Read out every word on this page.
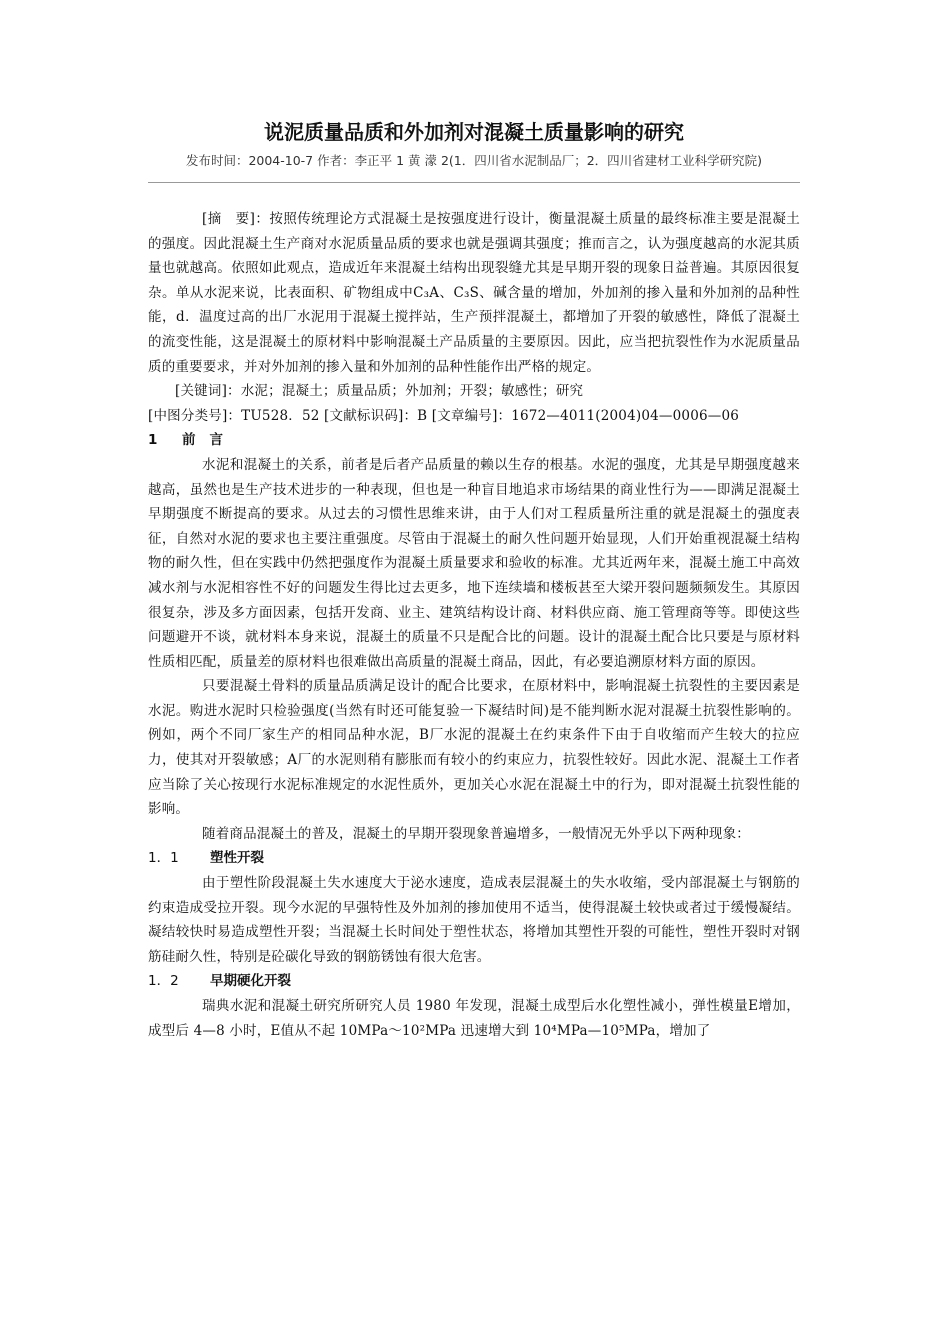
说泥质量品质和外加剂对混凝土质量影响的研究
发布时间：2004-10-7 作者：李正平 1 黄 濛 2(1．四川省水泥制品厂；2．四川省建材工业科学研究院)

[摘　要]：按照传统理论方式混凝土是按强度进行设计，衡量混凝土质量的最终标准主要是混凝土的强度。因此混凝土生产商对水泥质量品质的要求也就是强调其强度；推而言之，认为强度越高的水泥其质量也就越高。依照如此观点，造成近年来混凝土结构出现裂缝尤其是早期开裂的现象日益普遍。其原因很复杂。单从水泥来说，比表面积、矿物组成中C₃A、C₃S、碱含量的增加，外加剂的掺入量和外加剂的品种性能，d．温度过高的出厂水泥用于混凝土搅拌站，生产预拌混凝土，都增加了开裂的敏感性，降低了混凝土的流变性能，这是混凝土的原材料中影响混凝土产品质量的主要原因。因此，应当把抗裂性作为水泥质量品质的重要要求，并对外加剂的掺入量和外加剂的品种性能作出严格的规定。

[关键词]：水泥；混凝土；质量品质；外加剂；开裂；敏感性；研究

[中图分类号]：TU528．52 [文献标识码]：B [文章编号]：1672—4011(2004)04—0006—06

1 前言

水泥和混凝土的关系，前者是后者产品质量的赖以生存的根基。水泥的强度，尤其是早期强度越来越高，虽然也是生产技术进步的一种表现，但也是一种盲目地追求市场结果的商业性行为——即满足混凝土早期强度不断提高的要求。从过去的习惯性思维来讲，由于人们对工程质量所注重的就是混凝土的强度表征，自然对水泥的要求也主要注重强度。尽管由于混凝土的耐久性问题开始显现，人们开始重视混凝土结构物的耐久性，但在实践中仍然把强度作为混凝土质量要求和验收的标准。尤其近两年来，混凝土施工中高效减水剂与水泥相容性不好的问题发生得比过去更多，地下连续墙和楼板甚至大梁开裂问题频频发生。其原因很复杂，涉及多方面因素，包括开发商、业主、建筑结构设计商、材料供应商、施工管理商等等。即使这些问题避开不谈，就材料本身来说，混凝土的质量不只是配合比的问题。设计的混凝土配合比只要是与原材料性质相匹配，质量差的原材料也很难做出高质量的混凝土商品，因此，有必要追溯原材料方面的原因。

只要混凝土骨料的质量品质满足设计的配合比要求，在原材料中，影响混凝土抗裂性的主要因素是水泥。购进水泥时只检验强度(当然有时还可能复验一下凝结时间)是不能判断水泥对混凝土抗裂性影响的。例如，两个不同厂家生产的相同品种水泥，B厂水泥的混凝土在约束条件下由于自收缩而产生较大的拉应力，使其对开裂敏感；A厂的水泥则稍有膨胀而有较小的约束应力，抗裂性较好。因此水泥、混凝土工作者应当除了关心按现行水泥标准规定的水泥性质外，更加关心水泥在混凝土中的行为，即对混凝土抗裂性能的影响。

随着商品混凝土的普及，混凝土的早期开裂现象普遍增多，一般情况无外乎以下两种现象：

1．1 塑性开裂

由于塑性阶段混凝土失水速度大于泌水速度，造成表层混凝土的失水收缩，受内部混凝土与钢筋的约束造成受拉开裂。现今水泥的早强特性及外加剂的掺加使用不适当，使得混凝土较快或者过于缓慢凝结。凝结较快时易造成塑性开裂；当混凝土长时间处于塑性状态，将增加其塑性开裂的可能性，塑性开裂时对钢筋硅耐久性，特别是砼碳化导致的钢筋锈蚀有很大危害。

1．2 早期硬化开裂

瑞典水泥和混凝土研究所研究人员 1980 年发现，混凝土成型后水化塑性减小，弹性模量E增加，成型后 4—8 小时，E值从不起 10MPa～10²MPa 迅速增大到 10⁴MPa—10⁵MPa，增加了
